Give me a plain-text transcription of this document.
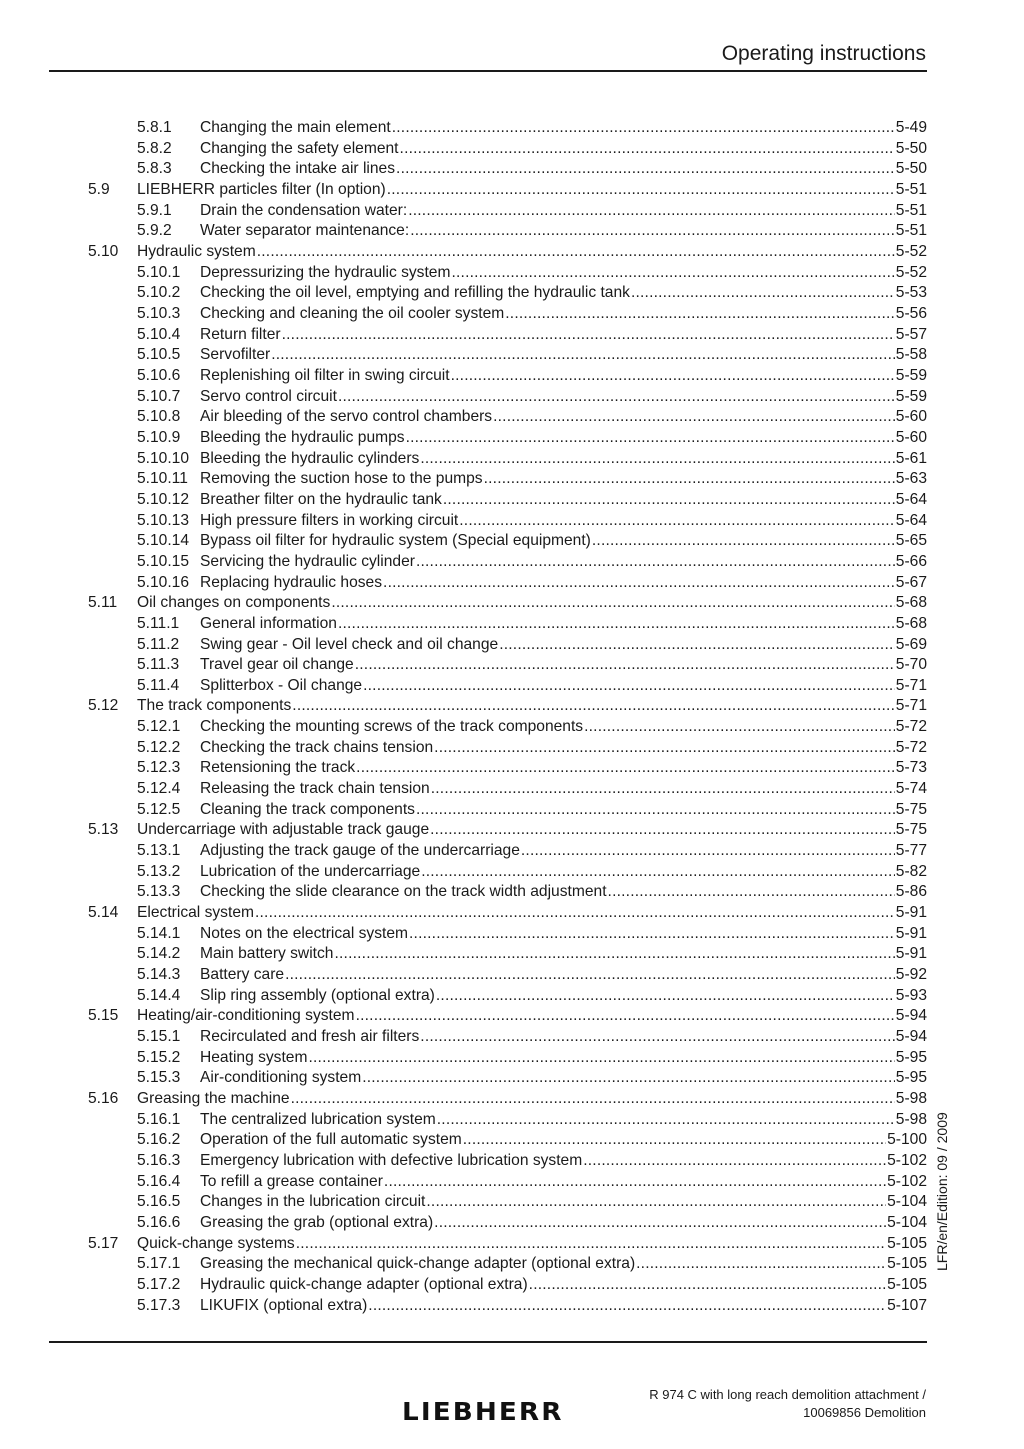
Operating instructions
5.8.1 Changing the main element .....	5-49
5.8.2 Changing the safety element .....	5-50
5.8.3 Checking the intake air lines .....	5-50
5.9 LIEBHERR particles filter (In option) .....	5-51
5.9.1 Drain the condensation water: .....	5-51
5.9.2 Water separator maintenance: .....	5-51
5.10 Hydraulic system .....	5-52
5.10.1 Depressurizing the hydraulic system .....	5-52
5.10.2 Checking the oil level, emptying and refilling the hydraulic tank .....	5-53
5.10.3 Checking and cleaning the oil cooler system .....	5-56
5.10.4 Return filter .....	5-57
5.10.5 Servofilter .....	5-58
5.10.6 Replenishing oil filter in swing circuit .....	5-59
5.10.7 Servo control circuit .....	5-59
5.10.8 Air bleeding of the servo control chambers .....	5-60
5.10.9 Bleeding the hydraulic pumps .....	5-60
5.10.10 Bleeding the hydraulic cylinders .....	5-61
5.10.11 Removing the suction hose to the pumps .....	5-63
5.10.12 Breather filter on the hydraulic tank .....	5-64
5.10.13 High pressure filters in working circuit .....	5-64
5.10.14 Bypass oil filter for hydraulic system (Special equipment) .....	5-65
5.10.15 Servicing the hydraulic cylinder .....	5-66
5.10.16 Replacing hydraulic hoses .....	5-67
5.11 Oil changes on components .....	5-68
5.11.1 General information .....	5-68
5.11.2 Swing gear - Oil level check and oil change .....	5-69
5.11.3 Travel gear oil change .....	5-70
5.11.4 Splitterbox - Oil change .....	5-71
5.12 The track components .....	5-71
5.12.1 Checking the mounting screws of the track components .....	5-72
5.12.2 Checking the track chains tension .....	5-72
5.12.3 Retensioning the track .....	5-73
5.12.4 Releasing the track chain tension .....	5-74
5.12.5 Cleaning the track components .....	5-75
5.13 Undercarriage with adjustable track gauge .....	5-75
5.13.1 Adjusting the track gauge of the undercarriage .....	5-77
5.13.2 Lubrication of the undercarriage .....	5-82
5.13.3 Checking the slide clearance on the track width adjustment .....	5-86
5.14 Electrical system .....	5-91
5.14.1 Notes on the electrical system .....	5-91
5.14.2 Main battery switch .....	5-91
5.14.3 Battery care .....	5-92
5.14.4 Slip ring assembly (optional extra) .....	5-93
5.15 Heating/air-conditioning system .....	5-94
5.15.1 Recirculated and fresh air filters .....	5-94
5.15.2 Heating system .....	5-95
5.15.3 Air-conditioning system .....	5-95
5.16 Greasing the machine .....	5-98
5.16.1 The centralized lubrication system .....	5-98
5.16.2 Operation of the full automatic system .....	5-100
5.16.3 Emergency lubrication with defective lubrication system .....	5-102
5.16.4 To refill a grease container .....	5-102
5.16.5 Changes in the lubrication circuit .....	5-104
5.16.6 Greasing the grab (optional extra) .....	5-104
5.17 Quick-change systems .....	5-105
5.17.1 Greasing the mechanical quick-change adapter (optional extra) .....	5-105
5.17.2 Hydraulic quick-change adapter (optional extra) .....	5-105
5.17.3 LIKUFIX (optional extra) .....	5-107
LFR/en/Edition: 09 / 2009
LIEBHERR
R 974 C with long reach demolition attachment /
10069856 Demolition
